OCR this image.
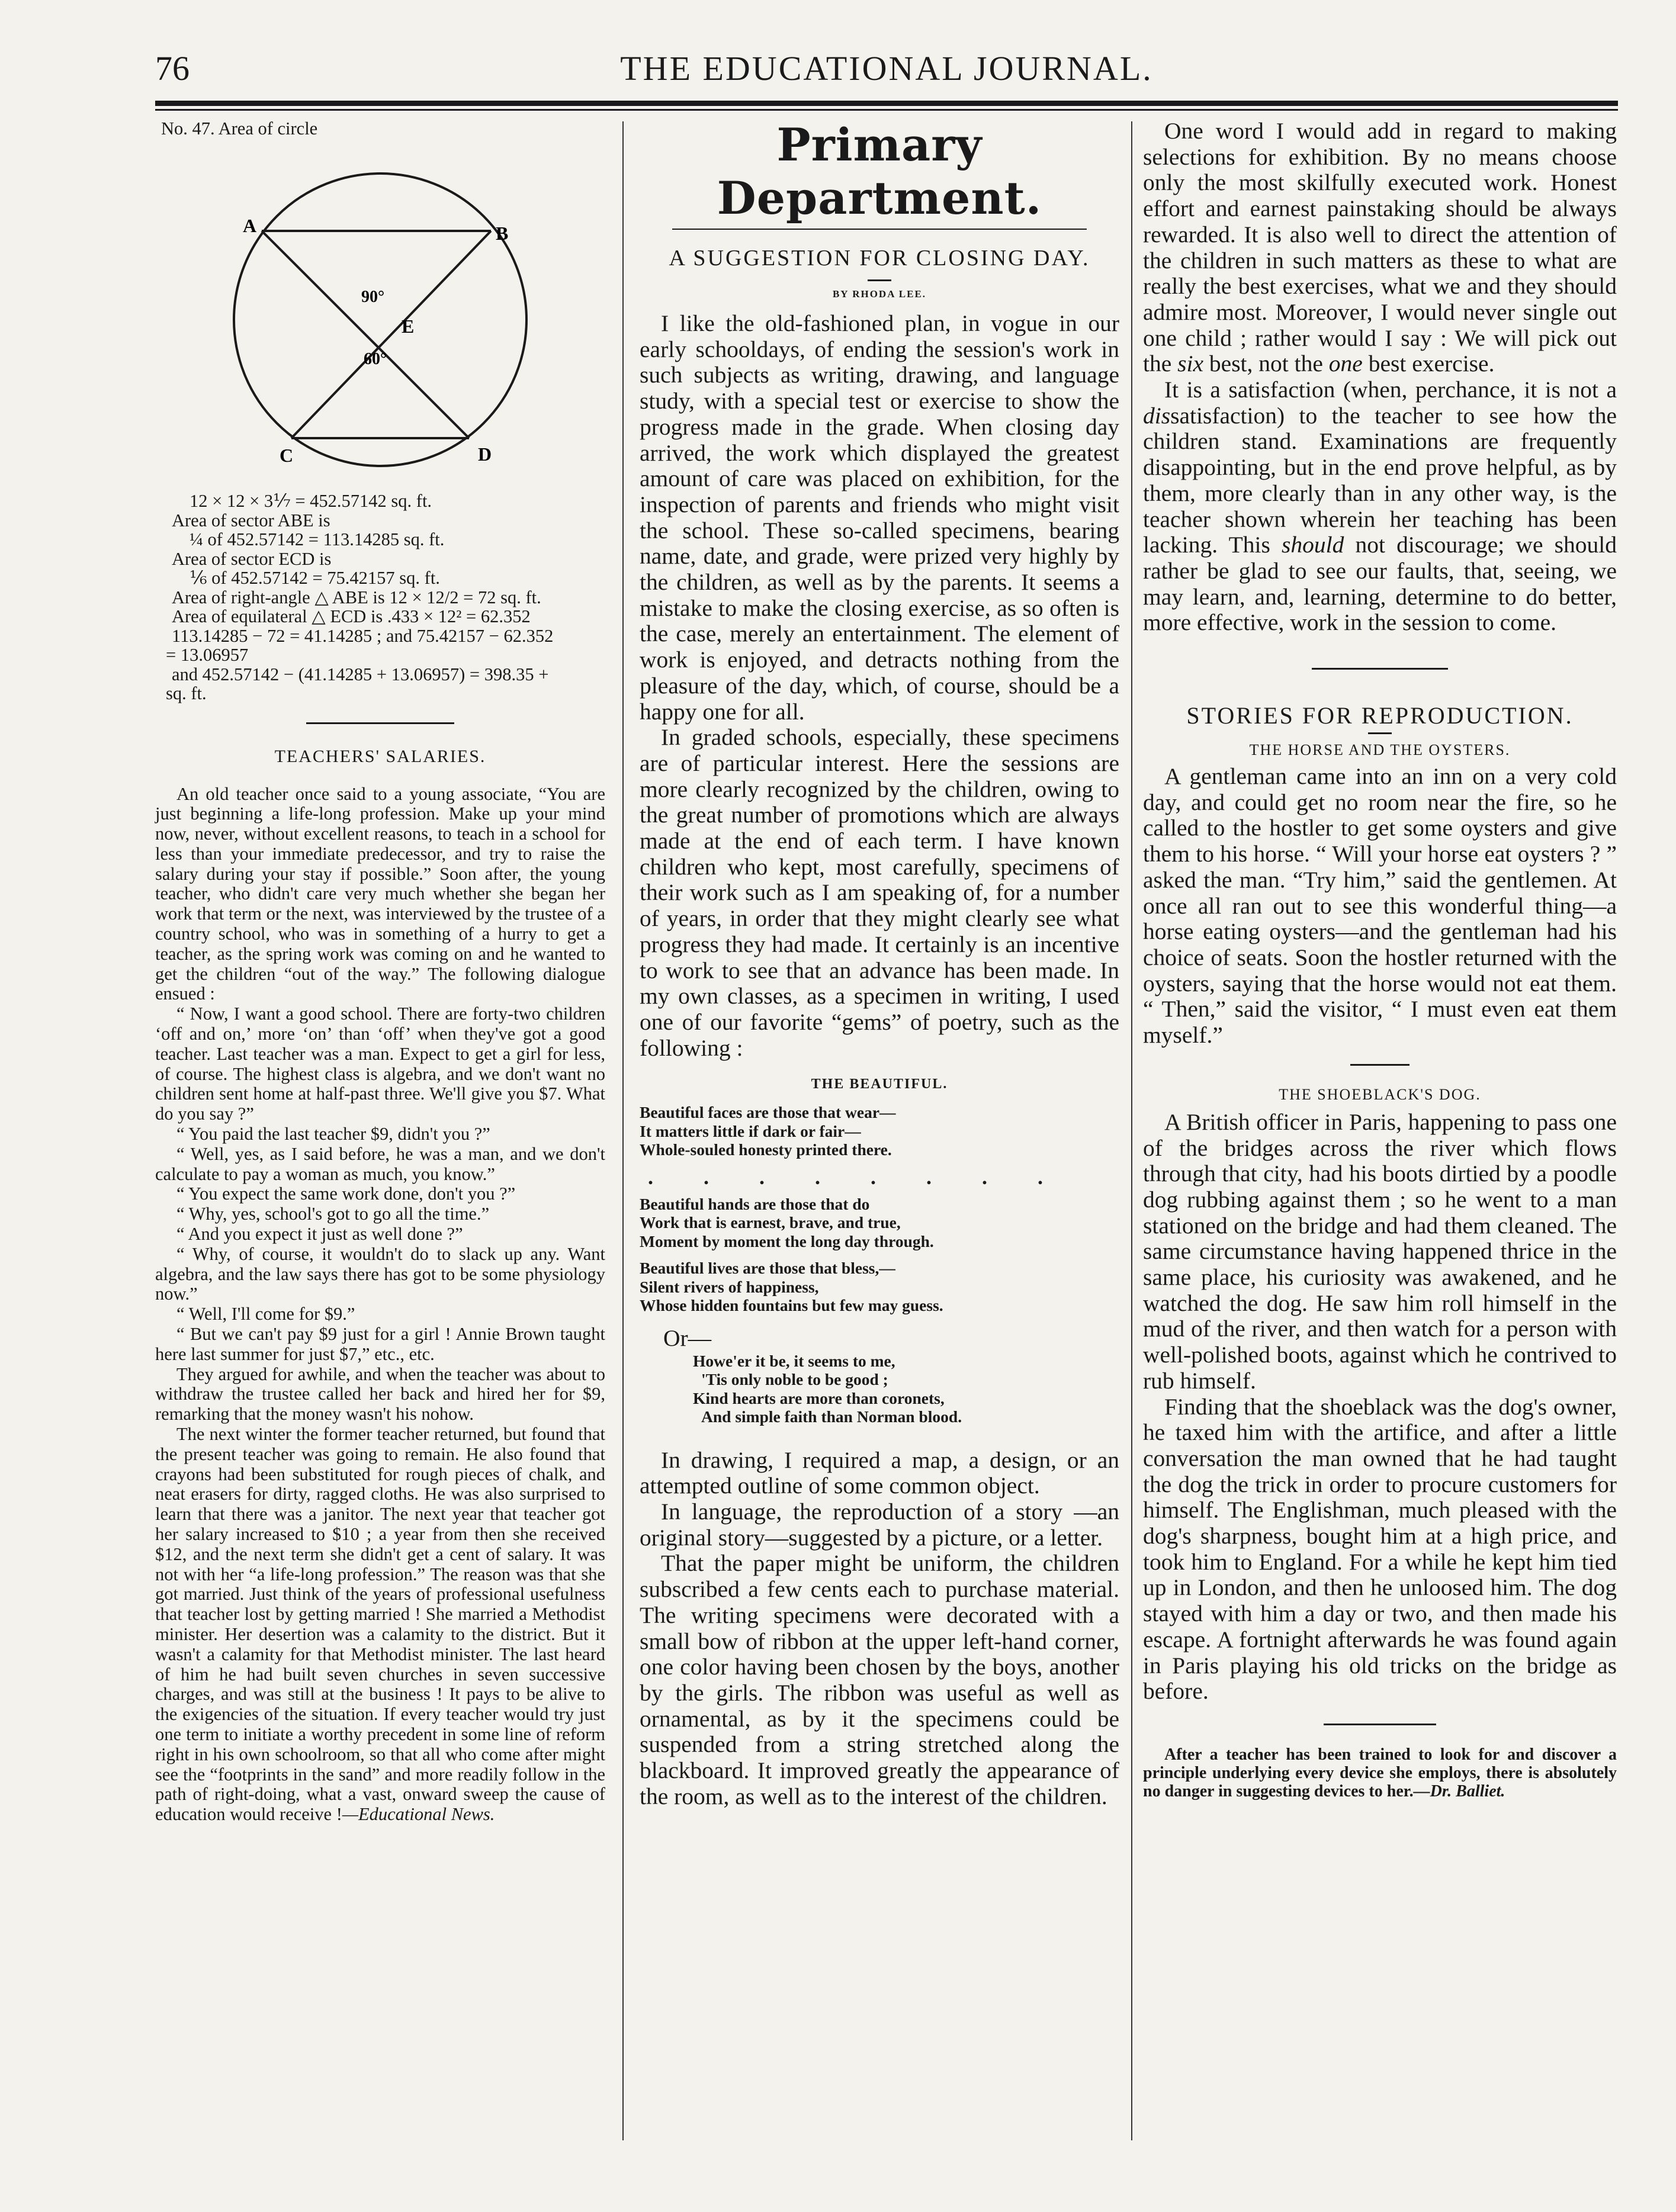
76	THE EDUCATIONAL JOURNAL.
No. 47. Area of circle
A	B
C	D
E
90°
60°
12 × 12 × 3⅐ = 452.57142 sq. ft.
Area of sector ABE is
¼ of 452.57142 = 113.14285 sq. ft.
Area of sector ECD is
⅙ of 452.57142 = 75.42157 sq. ft.
Area of right-angle △ ABE is 12 × 12/2 = 72 sq. ft.
Area of equilateral △ ECD is .433 × 12² = 62.352
113.14285 − 72 = 41.14285 ; and 75.42157 − 62.352
= 13.06957
and 452.57142 − (41.14285 + 13.06957) = 398.35 +
sq. ft.
TEACHERS' SALARIES.

An old teacher once said to a young associate, “You are just beginning a life-long profession. Make up your mind now, never, without excellent reasons, to teach in a school for less than your immediate predecessor, and try to raise the salary during your stay if possible.” Soon after, the young teacher, who didn't care very much whether she began her work that term or the next, was interviewed by the trustee of a country school, who was in something of a hurry to get a teacher, as the spring work was coming on and he wanted to get the children “out of the way.” The following dialogue ensued :

“ Now, I want a good school. There are forty-two children ‘off and on,’ more ‘on’ than ‘off’ when they've got a good teacher. Last teacher was a man. Expect to get a girl for less, of course. The highest class is algebra, and we don't want no children sent home at half-past three. We'll give you $7. What do you say ?”

“ You paid the last teacher $9, didn't you ?”

“ Well, yes, as I said before, he was a man, and we don't calculate to pay a woman as much, you know.”

“ You expect the same work done, don't you ?”

“ Why, yes, school's got to go all the time.”

“ And you expect it just as well done ?”

“ Why, of course, it wouldn't do to slack up any. Want algebra, and the law says there has got to be some physiology now.”

“ Well, I'll come for $9.”

“ But we can't pay $9 just for a girl ! Annie Brown taught here last summer for just $7,” etc., etc.

They argued for awhile, and when the teacher was about to withdraw the trustee called her back and hired her for $9, remarking that the money wasn't his nohow.

The next winter the former teacher returned, but found that the present teacher was going to remain. He also found that crayons had been substituted for rough pieces of chalk, and neat erasers for dirty, ragged cloths. He was also surprised to learn that there was a janitor. The next year that teacher got her salary increased to $10 ; a year from then she received $12, and the next term she didn't get a cent of salary. It was not with her “a life-long profession.” The reason was that she got married. Just think of the years of professional usefulness that teacher lost by getting married ! She married a Methodist minister. Her desertion was a calamity to the district. But it wasn't a calamity for that Methodist minister. The last heard of him he had built seven churches in seven successive charges, and was still at the business ! It pays to be alive to the exigencies of the situation. If every teacher would try just one term to initiate a worthy precedent in some line of reform right in his own schoolroom, so that all who come after might see the “footprints in the sand” and more readily follow in the path of right-doing, what a vast, onward sweep the cause of education would receive !—Educational News.

Primary Department.
A SUGGESTION FOR CLOSING DAY.
BY RHODA LEE.

I like the old-fashioned plan, in vogue in our early schooldays, of ending the session's work in such subjects as writing, drawing, and language study, with a special test or exercise to show the progress made in the grade. When closing day arrived, the work which displayed the greatest amount of care was placed on exhibition, for the inspection of parents and friends who might visit the school. These so-called specimens, bearing name, date, and grade, were prized very highly by the children, as well as by the parents. It seems a mistake to make the closing exercise, as so often is the case, merely an entertainment. The element of work is enjoyed, and detracts nothing from the pleasure of the day, which, of course, should be a happy one for all.

In graded schools, especially, these specimens are of particular interest. Here the sessions are more clearly recognized by the children, owing to the great number of promotions which are always made at the end of each term. I have known children who kept, most carefully, specimens of their work such as I am speaking of, for a number of years, in order that they might clearly see what progress they had made. It certainly is an incentive to work to see that an advance has been made. In my own classes, as a specimen in writing, I used one of our favorite “gems” of poetry, such as the following :

THE BEAUTIFUL.
Beautiful faces are those that wear—
It matters little if dark or fair—
Whole-souled honesty printed there.
. . . . . . . .
Beautiful hands are those that do
Work that is earnest, brave, and true,
Moment by moment the long day through.
Beautiful lives are those that bless,—
Silent rivers of happiness,
Whose hidden fountains but few may guess.
Or—
Howe'er it be, it seems to me,
'Tis only noble to be good ;
Kind hearts are more than coronets,
And simple faith than Norman blood.

In drawing, I required a map, a design, or an attempted outline of some common object.

In language, the reproduction of a story —an original story—suggested by a picture, or a letter.

That the paper might be uniform, the children subscribed a few cents each to purchase material. The writing specimens were decorated with a small bow of ribbon at the upper left-hand corner, one color having been chosen by the boys, another by the girls. The ribbon was useful as well as ornamental, as by it the specimens could be suspended from a string stretched along the blackboard. It improved greatly the appearance of the room, as well as to the interest of the children.

One word I would add in regard to making selections for exhibition. By no means choose only the most skilfully executed work. Honest effort and earnest painstaking should be always rewarded. It is also well to direct the attention of the children in such matters as these to what are really the best exercises, what we and they should admire most. Moreover, I would never single out one child ; rather would I say : We will pick out the six best, not the one best exercise.

It is a satisfaction (when, perchance, it is not a dissatisfaction) to the teacher to see how the children stand. Examinations are frequently disappointing, but in the end prove helpful, as by them, more clearly than in any other way, is the teacher shown wherein her teaching has been lacking. This should not discourage; we should rather be glad to see our faults, that, seeing, we may learn, and, learning, determine to do better, more effective, work in the session to come.

STORIES FOR REPRODUCTION.
THE HORSE AND THE OYSTERS.

A gentleman came into an inn on a very cold day, and could get no room near the fire, so he called to the hostler to get some oysters and give them to his horse. “ Will your horse eat oysters ? ” asked the man. “Try him,” said the gentlemen. At once all ran out to see this wonderful thing—a horse eating oysters—and the gentleman had his choice of seats. Soon the hostler returned with the oysters, saying that the horse would not eat them. “ Then,” said the visitor, “ I must even eat them myself.”

THE SHOEBLACK'S DOG.

A British officer in Paris, happening to pass one of the bridges across the river which flows through that city, had his boots dirtied by a poodle dog rubbing against them ; so he went to a man stationed on the bridge and had them cleaned. The same circumstance having happened thrice in the same place, his curiosity was awakened, and he watched the dog. He saw him roll himself in the mud of the river, and then watch for a person with well-polished boots, against which he contrived to rub himself.

Finding that the shoeblack was the dog's owner, he taxed him with the artifice, and after a little conversation the man owned that he had taught the dog the trick in order to procure customers for himself. The Englishman, much pleased with the dog's sharpness, bought him at a high price, and took him to England. For a while he kept him tied up in London, and then he unloosed him. The dog stayed with him a day or two, and then made his escape. A fortnight afterwards he was found again in Paris playing his old tricks on the bridge as before.

After a teacher has been trained to look for and discover a principle underlying every device she employs, there is absolutely no danger in suggesting devices to her.—Dr. Balliet.
